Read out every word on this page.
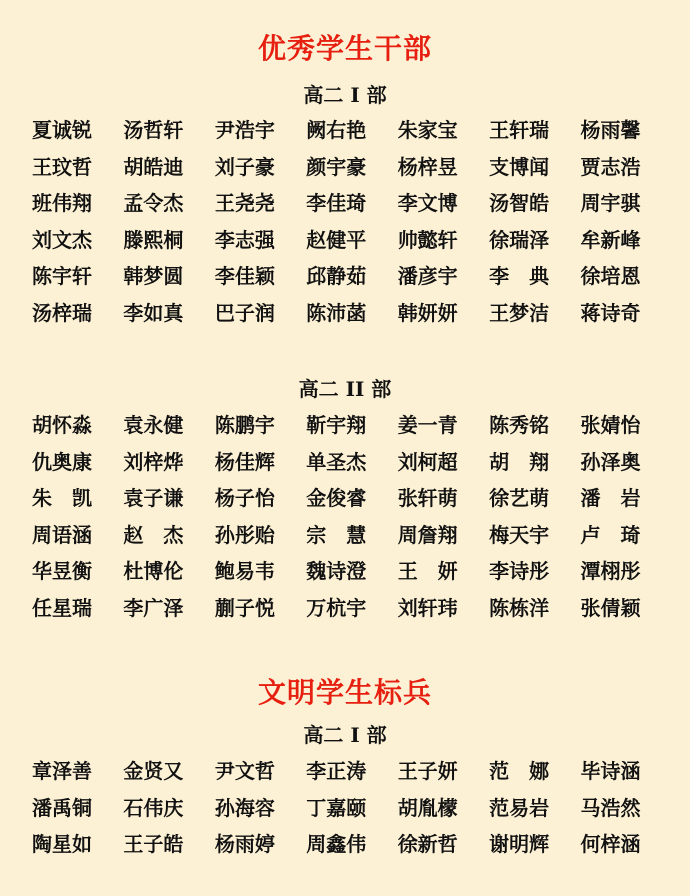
优秀学生干部
高二 I 部
夏诚锐	汤哲轩	尹浩宇	阙右艳	朱家宝	王轩瑞	杨雨馨
王玟哲	胡皓迪	刘子豪	颜宇豪	杨梓昱	支博闻	贾志浩
班伟翔	孟令杰	王尧尧	李佳琦	李文博	汤智皓	周宇骐
刘文杰	滕熙桐	李志强	赵健平	帅懿轩	徐瑞泽	牟新峰
陈宇轩	韩梦圆	李佳颖	邱静茹	潘彦宇	李　典	徐培恩
汤梓瑞	李如真	巴子润	陈沛菡	韩妍妍	王梦洁	蒋诗奇
高二 II 部
胡怀淼	袁永健	陈鹏宇	靳宇翔	姜一青	陈秀铭	张婧怡
仇奥康	刘梓烨	杨佳辉	单圣杰	刘柯超	胡　翔	孙泽奥
朱　凯	袁子谦	杨子怡	金俊睿	张轩萌	徐艺萌	潘　岩
周语涵	赵　杰	孙彤贻	宗　慧	周詹翔	梅天宇	卢　琦
华昱衡	杜博伦	鲍易韦	魏诗澄	王　妍	李诗彤	潭栩彤
任星瑞	李广泽	蒯子悦	万杭宇	刘轩玮	陈栋洋	张倩颖
文明学生标兵
高二 I 部
章泽善	金贤又	尹文哲	李正涛	王子妍	范　娜	毕诗涵
潘禹铜	石伟庆	孙海容	丁嘉颐	胡胤檬	范易岩	马浩然
陶星如	王子皓	杨雨婷	周鑫伟	徐新哲	谢明辉	何梓涵
